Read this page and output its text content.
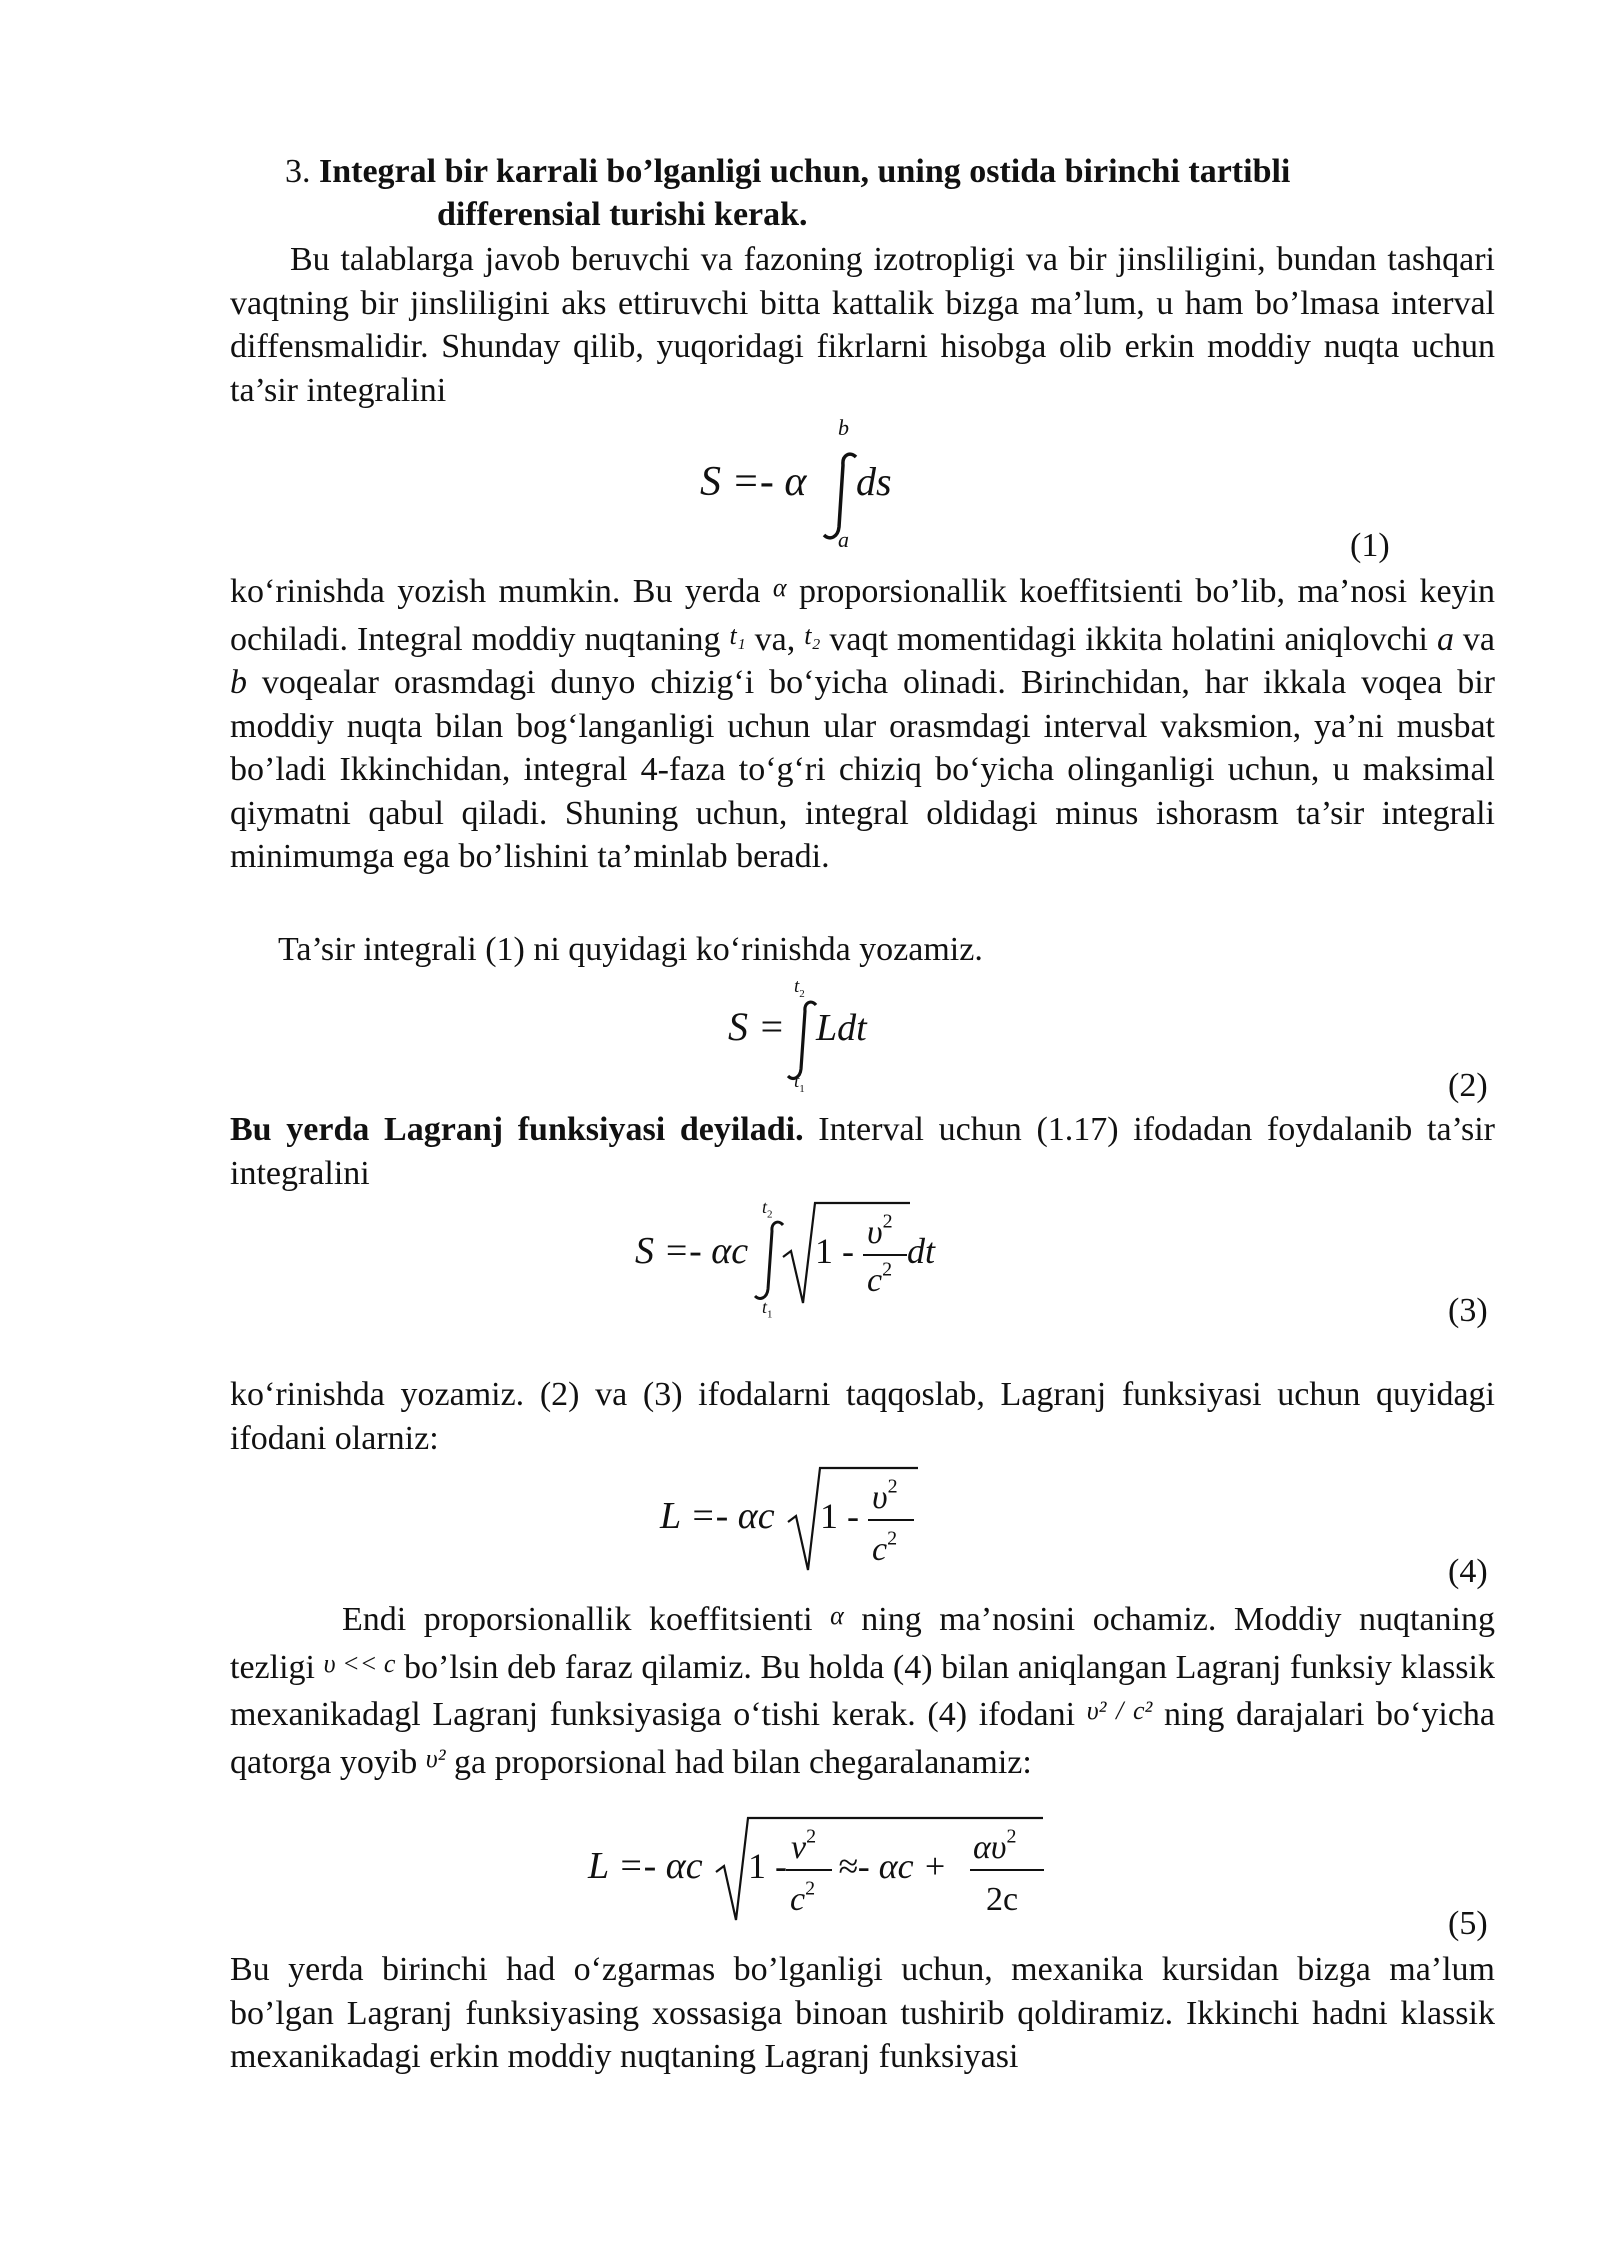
3. Integral bir karrali bo’lganligi uchun, uning ostida birinchi tartibli
differensial turishi kerak.
Bu talablarga javob beruvchi va fazoning izotropligi va bir jinsliligini, bundan tashqari vaqtning bir jinsliligini aks ettiruvchi bitta kattalik bizga ma’lum, u ham bo’lmasa interval diffensmalidir. Shunday qilib, yuqoridagi fikrlarni hisobga olib erkin moddiy nuqta uchun ta’sir integralini
S =- α
b
a
ds
(1)
ko‘rinishda yozish mumkin. Bu yerda α proporsionallik koeffitsienti bo’lib, ma’nosi keyin ochiladi. Integral moddiy nuqtaning t₁ va, t₂ vaqt momentidagi ikkita holatini aniqlovchi a va b voqealar orasmdagi dunyo chizig‘i bo‘yicha olinadi. Birinchidan, har ikkala voqea bir moddiy nuqta bilan bog‘langanligi uchun ular orasmdagi interval vaksmion, ya’ni musbat bo’ladi Ikkinchidan, integral 4-faza to‘g‘ri chiziq bo‘yicha olinganligi uchun, u maksimal qiymatni qabul qiladi. Shuning uchun, integral oldidagi minus ishorasm ta’sir integrali minimumga ega bo’lishini ta’minlab beradi.
Ta’sir integrali (1) ni quyidagi ko‘rinishda yozamiz.
S =
$t_2$
$t_1$
Ldt
(2)
Bu yerda Lagranj funksiyasi deyiladi. Interval uchun (1.17) ifodadan foydalanib ta’sir integralini
S =- αc
$t_2$
$t_1$
$1 - \upsilon^2$
$c^2$ dt
(3)
ko‘rinishda yozamiz. (2) va (3) ifodalarni taqqoslab, Lagranj funksiyasi uchun quyidagi ifodani olarniz:
L =- αc $1 - \upsilon^2$
$c^2$
(4)
Endi proporsionallik koeffitsienti α ning ma’nosini ochamiz. Moddiy nuqtaning tezligi υ << c bo’lsin deb faraz qilamiz. Bu holda (4) bilan aniqlangan Lagranj funksiy klassik mexanikadagl Lagranj funksiyasiga o‘tishi kerak. (4) ifodani υ² / c² ning darajalari bo‘yicha qatorga yoyib υ² ga proporsional had bilan chegaralanamiz:
L =- αc $1 - v^2$
$c^2$
≈- $\alpha c + \alpha\upsilon^2$
2c
(5)
Bu yerda birinchi had o‘zgarmas bo’lganligi uchun, mexanika kursidan bizga ma’lum bo’lgan Lagranj funksiyasing xossasiga binoan tushirib qoldiramiz. Ikkinchi hadni klassik mexanikadagi erkin moddiy nuqtaning Lagranj funksiyasi
